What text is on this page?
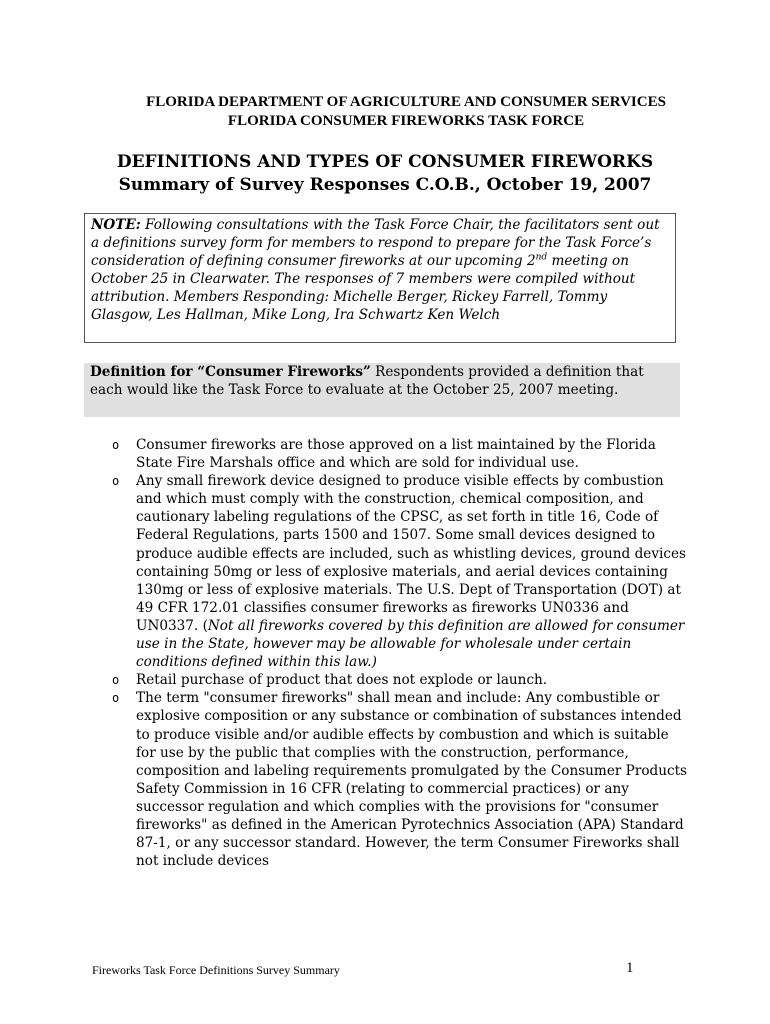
FLORIDA DEPARTMENT OF AGRICULTURE AND CONSUMER SERVICES
FLORIDA CONSUMER FIREWORKS TASK FORCE
DEFINITIONS AND TYPES OF CONSUMER FIREWORKS
Summary of Survey Responses C.O.B., October 19, 2007
NOTE: Following consultations with the Task Force Chair, the facilitators sent out a definitions survey form for members to respond to prepare for the Task Force’s consideration of defining consumer fireworks at our upcoming 2nd meeting on October 25 in Clearwater. The responses of 7 members were compiled without attribution. Members Responding: Michelle Berger, Rickey Farrell, Tommy Glasgow, Les Hallman, Mike Long, Ira Schwartz Ken Welch
Definition for “Consumer Fireworks” Respondents provided a definition that each would like the Task Force to evaluate at the October 25, 2007 meeting.
o Consumer fireworks are those approved on a list maintained by the Florida State Fire Marshals office and which are sold for individual use.
o Any small firework device designed to produce visible effects by combustion and which must comply with the construction, chemical composition, and cautionary labeling regulations of the CPSC, as set forth in title 16, Code of Federal Regulations, parts 1500 and 1507. Some small devices designed to produce audible effects are included, such as whistling devices, ground devices containing 50mg or less of explosive materials, and aerial devices containing 130mg or less of explosive materials. The U.S. Dept of Transportation (DOT) at 49 CFR 172.01 classifies consumer fireworks as fireworks UN0336 and UN0337. (Not all fireworks covered by this definition are allowed for consumer use in the State, however may be allowable for wholesale under certain conditions defined within this law.)
o Retail purchase of product that does not explode or launch.
o The term "consumer fireworks" shall mean and include: Any combustible or explosive composition or any substance or combination of substances intended to produce visible and/or audible effects by combustion and which is suitable for use by the public that complies with the construction, performance, composition and labeling requirements promulgated by the Consumer Products Safety Commission in 16 CFR (relating to commercial practices) or any successor regulation and which complies with the provisions for "consumer fireworks" as defined in the American Pyrotechnics Association (APA) Standard 87-1, or any successor standard. However, the term Consumer Fireworks shall not include devices
Fireworks Task Force Definitions Survey Summary	1
